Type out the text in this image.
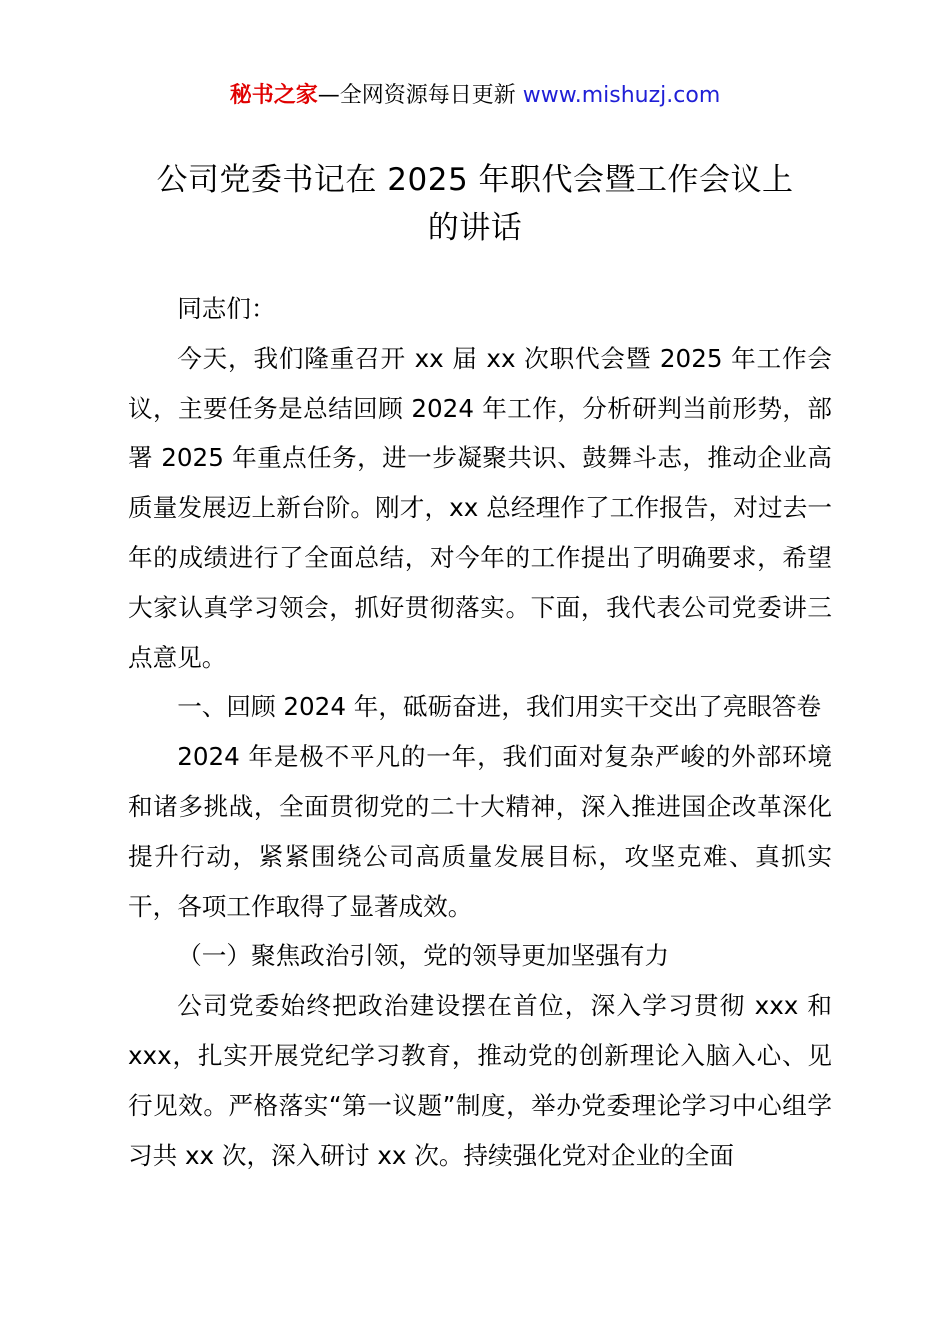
秘书之家—全网资源每日更新 www.mishuzj.com
公司党委书记在 2025 年职代会暨工作会议上
的讲话

同志们：

今天，我们隆重召开 xx 届 xx 次职代会暨 2025 年工作会议，主要任务是总结回顾 2024 年工作，分析研判当前形势，部署 2025 年重点任务，进一步凝聚共识、鼓舞斗志，推动企业高质量发展迈上新台阶。刚才，xx 总经理作了工作报告，对过去一年的成绩进行了全面总结，对今年的工作提出了明确要求，希望大家认真学习领会，抓好贯彻落实。下面，我代表公司党委讲三点意见。

一、回顾 2024 年，砥砺奋进，我们用实干交出了亮眼答卷

2024 年是极不平凡的一年，我们面对复杂严峻的外部环境和诸多挑战，全面贯彻党的二十大精神，深入推进国企改革深化提升行动，紧紧围绕公司高质量发展目标，攻坚克难、真抓实干，各项工作取得了显著成效。

（一）聚焦政治引领，党的领导更加坚强有力

公司党委始终把政治建设摆在首位，深入学习贯彻 xxx 和 xxx，扎实开展党纪学习教育，推动党的创新理论入脑入心、见行见效。严格落实“第一议题”制度，举办党委理论学习中心组学习共 xx 次，深入研讨 xx 次。持续强化党对企业的全面
